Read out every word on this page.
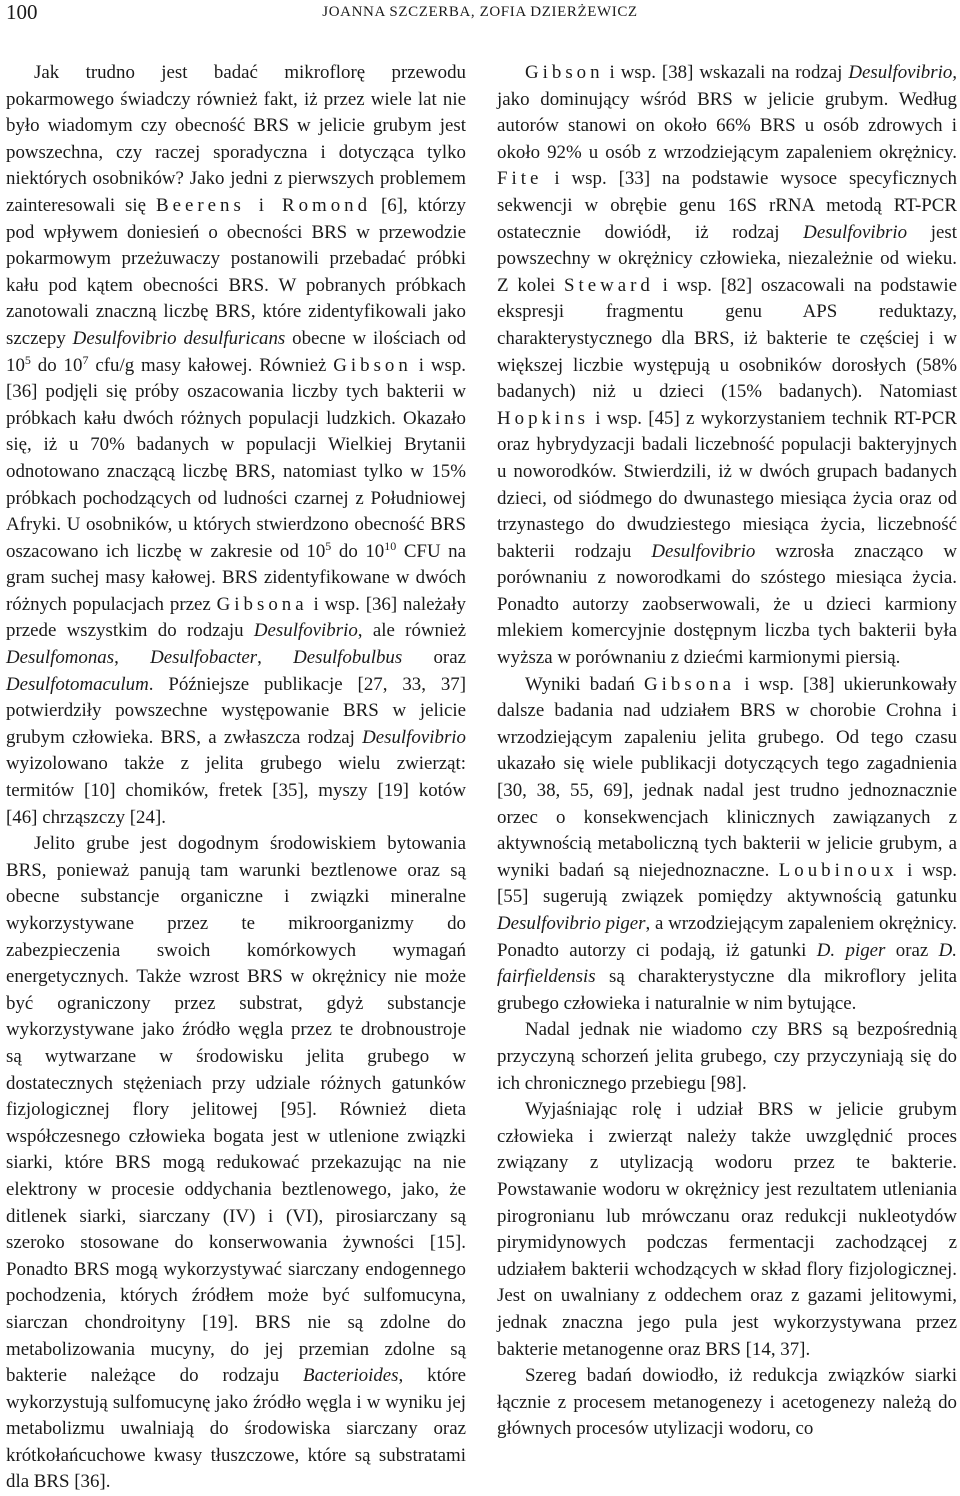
100	JOANNA SZCZERBA, ZOFIA DZIERŻEWICZ

Jak trudno jest badać mikroflorę przewodu pokarmowego świadczy również fakt, iż przez wiele lat nie było wiadomym czy obecność BRS w jelicie grubym jest powszechna, czy raczej sporadyczna i dotycząca tylko niektórych osobników? Jako jedni z pierwszych problemem zainteresowali się Beerens i Romond [6], którzy pod wpływem doniesień o obecności BRS w przewodzie pokarmowym przeżuwaczy postanowili przebadać próbki kału pod kątem obecności BRS. W pobranych próbkach zanotowali znaczną liczbę BRS, które zidentyfikowali jako szczepy Desulfovibrio desulfuricans obecne w ilościach od $10^5$ do $10^7$ cfu/g masy kałowej. Również Gibson i wsp. [36] podjęli się próby oszacowania liczby tych bakterii w próbkach kału dwóch różnych populacji ludzkich. Okazało się, iż u 70% badanych w populacji Wielkiej Brytanii odnotowano znaczącą liczbę BRS, natomiast tylko w 15% próbkach pochodzących od ludności czarnej z Południowej Afryki. U osobników, u których stwierdzono obecność BRS oszacowano ich liczbę w zakresie od $10^5$ do $10^{10}$ CFU na gram suchej masy kałowej. BRS zidentyfikowane w dwóch różnych populacjach przez Gibsona i wsp. [36] należały przede wszystkim do rodzaju Desulfovibrio, ale również Desulfomonas, Desulfobacter, Desulfobulbus oraz Desulfotomaculum. Późniejsze publikacje [27, 33, 37] potwierdziły powszechne występowanie BRS w jelicie grubym człowieka. BRS, a zwłaszcza rodzaj Desulfovibrio wyizolowano także z jelita grubego wielu zwierząt: termitów [10] chomików, fretek [35], myszy [19] kotów [46] chrząszczy [24].

Jelito grube jest dogodnym środowiskiem bytowania BRS, ponieważ panują tam warunki beztlenowe oraz są obecne substancje organiczne i związki mineralne wykorzystywane przez te mikroorganizmy do zabezpieczenia swoich komórkowych wymagań energetycznych. Także wzrost BRS w okrężnicy nie może być ograniczony przez substrat, gdyż substancje wykorzystywane jako źródło węgla przez te drobnoustroje są wytwarzane w środowisku jelita grubego w dostatecznych stężeniach przy udziale różnych gatunków fizjologicznej flory jelitowej [95]. Również dieta współczesnego człowieka bogata jest w utlenione związki siarki, które BRS mogą redukować przekazując na nie elektrony w procesie oddychania beztlenowego, jako, że ditlenek siarki, siarczany (IV) i (VI), pirosiarczany są szeroko stosowane do konserwowania żywności [15]. Ponadto BRS mogą wykorzystywać siarczany endogennego pochodzenia, których źródłem może być sulfomucyna, siarczan chondroityny [19]. BRS nie są zdolne do metabolizowania mucyny, do jej przemian zdolne są bakterie należące do rodzaju Bacterioides, które wykorzystują sulfomucynę jako źródło węgla i w wyniku jej metabolizmu uwalniają do środowiska siarczany oraz krótkołańcuchowe kwasy tłuszczowe, które są substratami dla BRS [36].

Gibson i wsp. [38] wskazali na rodzaj Desulfovibrio, jako dominujący wśród BRS w jelicie grubym. Według autorów stanowi on około 66% BRS u osób zdrowych i około 92% u osób z wrzodziejącym zapaleniem okrężnicy. Fite i wsp. [33] na podstawie wysoce specyficznych sekwencji w obrębie genu 16S rRNA metodą RT-PCR ostatecznie dowiódł, iż rodzaj Desulfovibrio jest powszechny w okrężnicy człowieka, niezależnie od wieku. Z kolei Steward i wsp. [82] oszacowali na podstawie ekspresji fragmentu genu APS reduktazy, charakterystycznego dla BRS, iż bakterie te częściej i w większej liczbie występują u osobników dorosłych (58% badanych) niż u dzieci (15% badanych). Natomiast Hopkins i wsp. [45] z wykorzystaniem technik RT-PCR oraz hybrydyzacji badali liczebność populacji bakteryjnych u noworodków. Stwierdzili, iż w dwóch grupach badanych dzieci, od siódmego do dwunastego miesiąca życia oraz od trzynastego do dwudziestego miesiąca życia, liczebność bakterii rodzaju Desulfovibrio wzrosła znacząco w porównaniu z noworodkami do szóstego miesiąca życia. Ponadto autorzy zaobserwowali, że u dzieci karmiony mlekiem komercyjnie dostępnym liczba tych bakterii była wyższa w porównaniu z dziećmi karmionymi piersią.

Wyniki badań Gibsona i wsp. [38] ukierunkowały dalsze badania nad udziałem BRS w chorobie Crohna i wrzodziejącym zapaleniu jelita grubego. Od tego czasu ukazało się wiele publikacji dotyczących tego zagadnienia [30, 38, 55, 69], jednak nadal jest trudno jednoznacznie orzec o konsekwencjach klinicznych zawiązanych z aktywnością metaboliczną tych bakterii w jelicie grubym, a wyniki badań są niejednoznaczne. Loubinoux i wsp. [55] sugerują związek pomiędzy aktywnością gatunku Desulfovibrio piger, a wrzodziejącym zapaleniem okrężnicy. Ponadto autorzy ci podają, iż gatunki D. piger oraz D. fairfieldensis są charakterystyczne dla mikroflory jelita grubego człowieka i naturalnie w nim bytujące.

Nadal jednak nie wiadomo czy BRS są bezpośrednią przyczyną schorzeń jelita grubego, czy przyczyniają się do ich chronicznego przebiegu [98].

Wyjaśniając rolę i udział BRS w jelicie grubym człowieka i zwierząt należy także uwzględnić proces związany z utylizacją wodoru przez te bakterie. Powstawanie wodoru w okrężnicy jest rezultatem utleniania pirogronianu lub mrówczanu oraz redukcji nukleotydów pirymidynowych podczas fermentacji zachodzącej z udziałem bakterii wchodzących w skład flory fizjologicznej. Jest on uwalniany z oddechem oraz z gazami jelitowymi, jednak znaczna jego pula jest wykorzystywana przez bakterie metanogenne oraz BRS [14, 37].

Szereg badań dowiodło, iż redukcja związków siarki łącznie z procesem metanogenezy i acetogenezy należą do głównych procesów utylizacji wodoru, co
